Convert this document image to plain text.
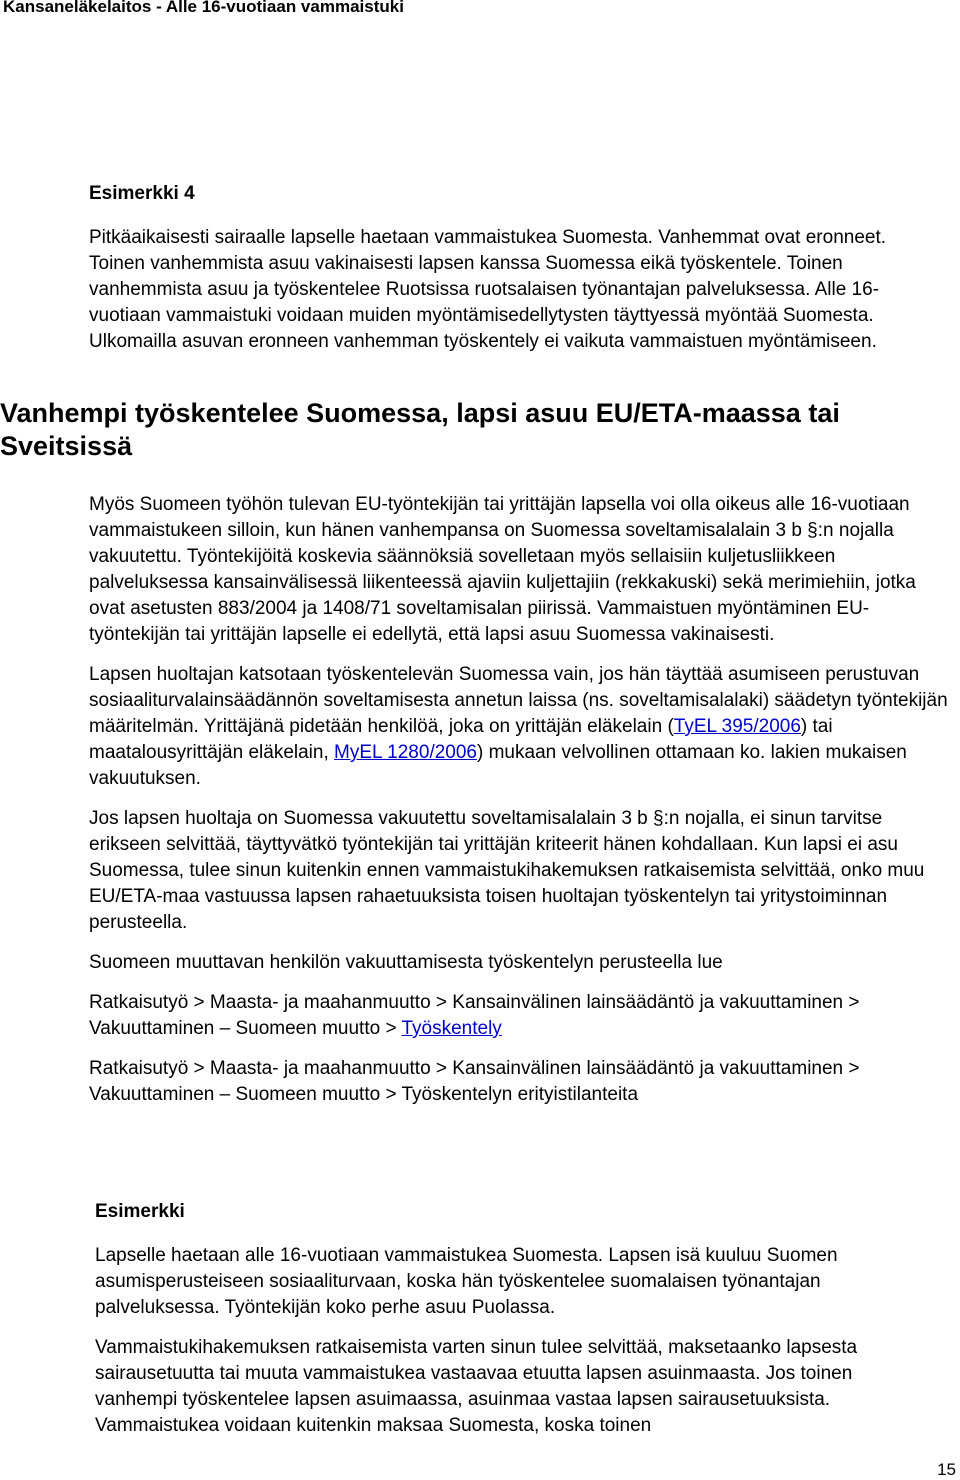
Kansaneläkelaitos - Alle 16-vuotiaan vammaistuki
Esimerkki 4
Pitkäaikaisesti sairaalle lapselle haetaan vammaistukea Suomesta. Vanhemmat ovat eronneet. Toinen vanhemmista asuu vakinaisesti lapsen kanssa Suomessa eikä työskentele. Toinen vanhemmista asuu ja työskentelee Ruotsissa ruotsalaisen työnantajan palveluksessa. Alle 16-vuotiaan vammaistuki voidaan muiden myöntämisedellytysten täyttyessä myöntää Suomesta. Ulkomailla asuvan eronneen vanhemman työskentely ei vaikuta vammaistuen myöntämiseen.
Vanhempi työskentelee Suomessa, lapsi asuu EU/ETA-maassa tai Sveitsissä
Myös Suomeen työhön tulevan EU-työntekijän tai yrittäjän lapsella voi olla oikeus alle 16-vuotiaan vammaistukeen silloin, kun hänen vanhempansa on Suomessa soveltamisalalain 3 b §:n nojalla vakuutettu. Työntekijöitä koskevia säännöksiä sovelletaan myös sellaisiin kuljetusliikkeen palveluksessa kansainvälisessä liikenteessä ajaviin kuljettajiin (rekkakuski) sekä merimiehiin, jotka ovat asetusten 883/2004 ja 1408/71 soveltamisalan piirissä. Vammaistuen myöntäminen EU-työntekijän tai yrittäjän lapselle ei edellytä, että lapsi asuu Suomessa vakinaisesti.
Lapsen huoltajan katsotaan työskentelevän Suomessa vain, jos hän täyttää asumiseen perustuvan sosiaaliturvalainsäädännön soveltamisesta annetun laissa (ns. soveltamisalalaki) säädetyn työntekijän määritelmän. Yrittäjänä pidetään henkilöä, joka on yrittäjän eläkelain (TyEL 395/2006) tai maatalousyrittäjän eläkelain, MyEL 1280/2006) mukaan velvollinen ottamaan ko. lakien mukaisen vakuutuksen.
Jos lapsen huoltaja on Suomessa vakuutettu soveltamisalalain 3 b §:n nojalla, ei sinun tarvitse erikseen selvittää, täyttyvätkö työntekijän tai yrittäjän kriteerit hänen kohdallaan. Kun lapsi ei asu Suomessa, tulee sinun kuitenkin ennen vammaistukihakemuksen ratkaisemista selvittää, onko muu EU/ETA-maa vastuussa lapsen rahaetuuksista toisen huoltajan työskentelyn tai yritystoiminnan perusteella.
Suomeen muuttavan henkilön vakuuttamisesta työskentelyn perusteella lue
Ratkaisutyö > Maasta- ja maahanmuutto > Kansainvälinen lainsäädäntö ja vakuuttaminen > Vakuuttaminen – Suomeen muutto > Työskentely
Ratkaisutyö > Maasta- ja maahanmuutto > Kansainvälinen lainsäädäntö ja vakuuttaminen > Vakuuttaminen – Suomeen muutto > Työskentelyn erityistilanteita
Esimerkki
Lapselle haetaan alle 16-vuotiaan vammaistukea Suomesta. Lapsen isä kuuluu Suomen asumisperusteiseen sosiaaliturvaan, koska hän työskentelee suomalaisen työnantajan palveluksessa. Työntekijän koko perhe asuu Puolassa.
Vammaistukihakemuksen ratkaisemista varten sinun tulee selvittää, maksetaanko lapsesta sairausetuutta tai muuta vammaistukea vastaavaa etuutta lapsen asuinmaasta. Jos toinen vanhempi työskentelee lapsen asuimaassa, asuinmaa vastaa lapsen sairausetuuksista. Vammaistukea voidaan kuitenkin maksaa Suomesta, koska toinen
15
